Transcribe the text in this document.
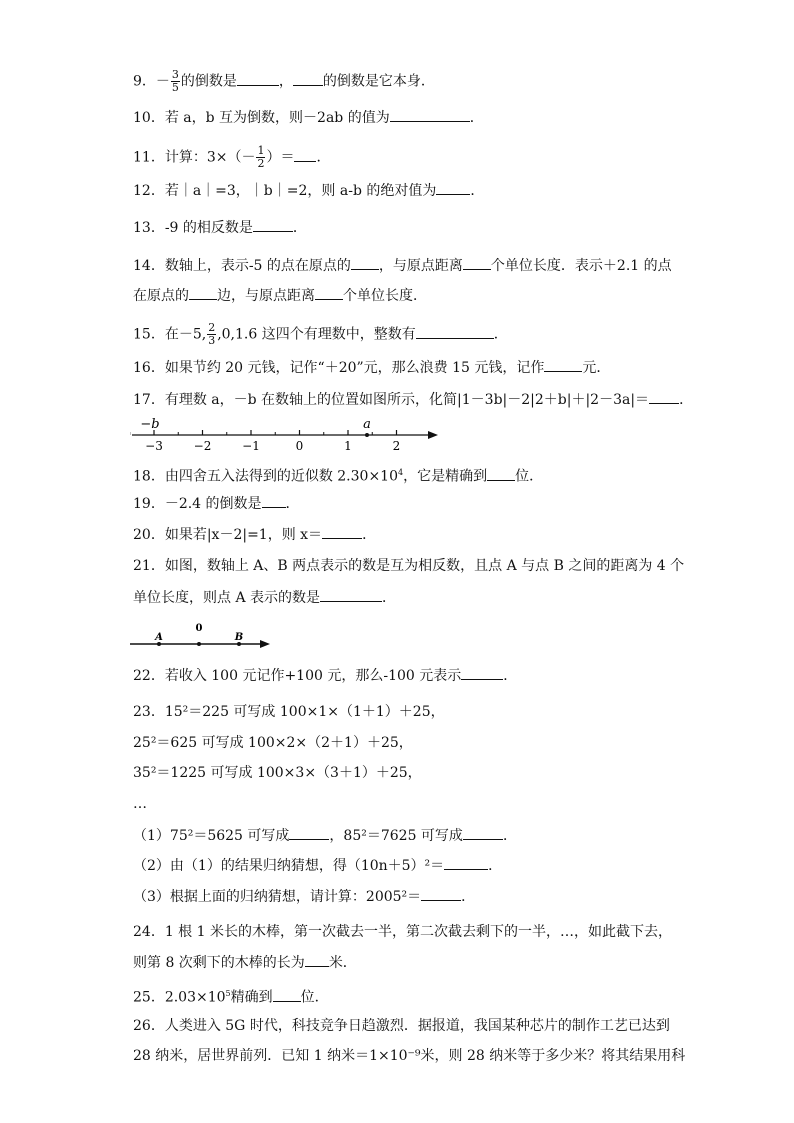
9．－ $\frac{3}{5}$ 的倒数是	， 的倒数是它本身．
10．若 a，b 互为倒数，则－2ab 的值为	．
11．计算：$3\times(- \frac{1}{2}$ ）＝ ．
12．若｜a｜=3，｜b｜=2，则 a-b 的绝对值为 ．
13．-9 的相反数是	．
14．数轴上，表示-5 的点在原点的 ，与原点距离 个单位长度．表示＋2.1 的点
在原点的 边，与原点距离 个单位长度．
15．在－5, $\frac{2}{3} ,0,1.6$ 这四个有理数中，整数有	．
16．如果节约 20 元钱，记作“＋20”元，那么浪费 15 元钱，记作	元．
17．有理数 a，－b 在数轴上的位置如图所示，化简|1－3b|－2|2＋b|＋|2－3a|＝ ．
−3	−2	−1	0	1	2
−b	a
18．由四舍五入法得到的近似数 $2.30\times 10^4$，它是精确到 位．
19．－2.4 的倒数是 ．
20．如果若|x－2|=1，则 x＝	．
21．如图，数轴上 A、B 两点表示的数是互为相反数，且点 A 与点 B 之间的距离为 4 个
单位长度，则点 A 表示的数是	．
A
0
B
22．若收入 100 元记作+100 元，那么-100 元表示	．
23．15²＝225 可写成 100×1×（1＋1）＋25，
25²＝625 可写成 100×2×（2＋1）＋25，
35²＝1225 可写成 100×3×（3＋1）＋25，
…
（1）75²＝5625 可写成	，85²＝7625 可写成	．
（2）由（1）的结果归纳猜想，得（10n＋5）²＝	．
（3）根据上面的归纳猜想，请计算：2005²＝	．
24．1 根 1 米长的木棒，第一次截去一半，第二次截去剩下的一半，…，如此截下去，
则第 8 次剩下的木棒的长为 米．
25．$2.03\times 10^5$精确到 位．
26．人类进入 5G 时代，科技竞争日趋激烈．据报道，我国某种芯片的制作工艺已达到
28 纳米，居世界前列．已知 1 纳米＝1×10⁻⁹米，则 28 纳米等于多少米？将其结果用科
